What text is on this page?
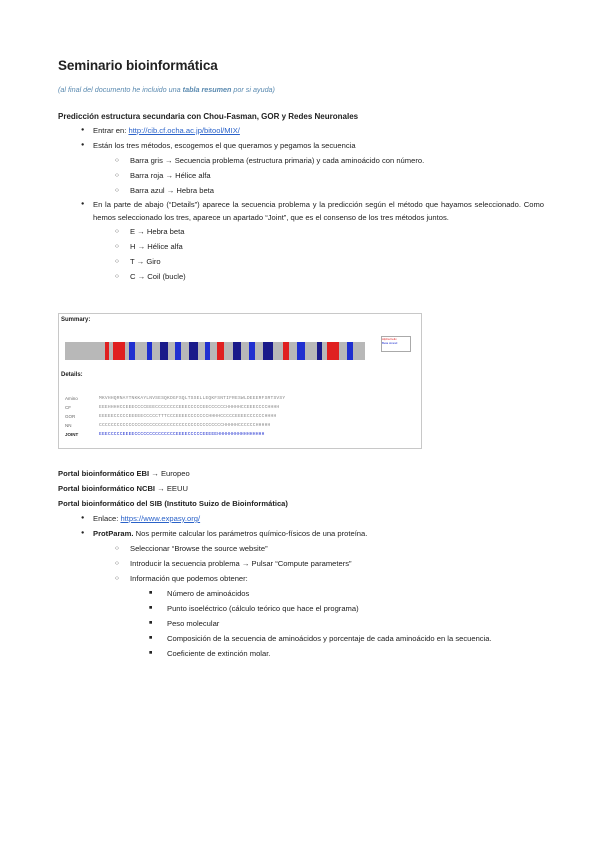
Seminario bioinformática
(al final del documento he incluido una tabla resumen por si ayuda)
Predicción estructura secundaria con Chou-Fasman, GOR y Redes Neuronales
● Entrar en: http://cib.cf.ocha.ac.jp/bitool/MIX/
● Están los tres métodos, escogemos el que queramos y pegamos la secuencia
○ Barra gris → Secuencia problema (estructura primaria) y cada aminoácido con número.
○ Barra roja → Hélice alfa
○ Barra azul → Hebra beta
● En la parte de abajo (“Details”) aparece la secuencia problema y la predicción según el método que hayamos seleccionado. Como hemos seleccionado los tres, aparece un apartado “Joint”, que es el consenso de los tres métodos juntos.
○ E → Hebra beta
○ H → Hélice alfa
○ T → Giro
○ C → Coil (bucle)
Summary:
Alpha helix
Beta strand
Details:
Amino	MKVHHQRNAYTNKKAYLNVSESQKDGFSQLTSSELLEQKFSNTIFRESWLDEEERFSRTSVSY
CF	EEEHHHHCCEEECCCCEEECCCCCCCCEEECCCCCEECCCCCCHHHHHCCEEECCCCHHHH
GOR	EEEEECCCCCEEEEECCCCCTTTCCCEEEECCCCCCCHHHHCCCCCEEEECCCCCCHHHH
NN	CCCCCCCCCCCCCCCCCCCCCCCCCCCCCCCCCCCCCCCCCCHHHHHCCCCCCHHHHH
JOINT	EEECCCCCEEEECCCCCCCCCCCCCCEEEECCCCCEEEEEHHHHHHHHHHHHHHHH
Portal bioinformático EBI → Europeo
Portal bioinformático NCBI → EEUU
Portal bioinformático del SIB (Instituto Suizo de Bioinformática)
● Enlace: https://www.expasy.org/
● ProtParam. Nos permite calcular los parámetros químico-físicos de una proteína.
○ Seleccionar “Browse the source website”
○ Introducir la secuencia problema → Pulsar “Compute parameters”
○ Información que podemos obtener:
■ Número de aminoácidos
■ Punto isoeléctrico (cálculo teórico que hace el programa)
■ Peso molecular
■ Composición de la secuencia de aminoácidos y porcentaje de cada aminoácido en la secuencia.
■ Coeficiente de extinción molar.
